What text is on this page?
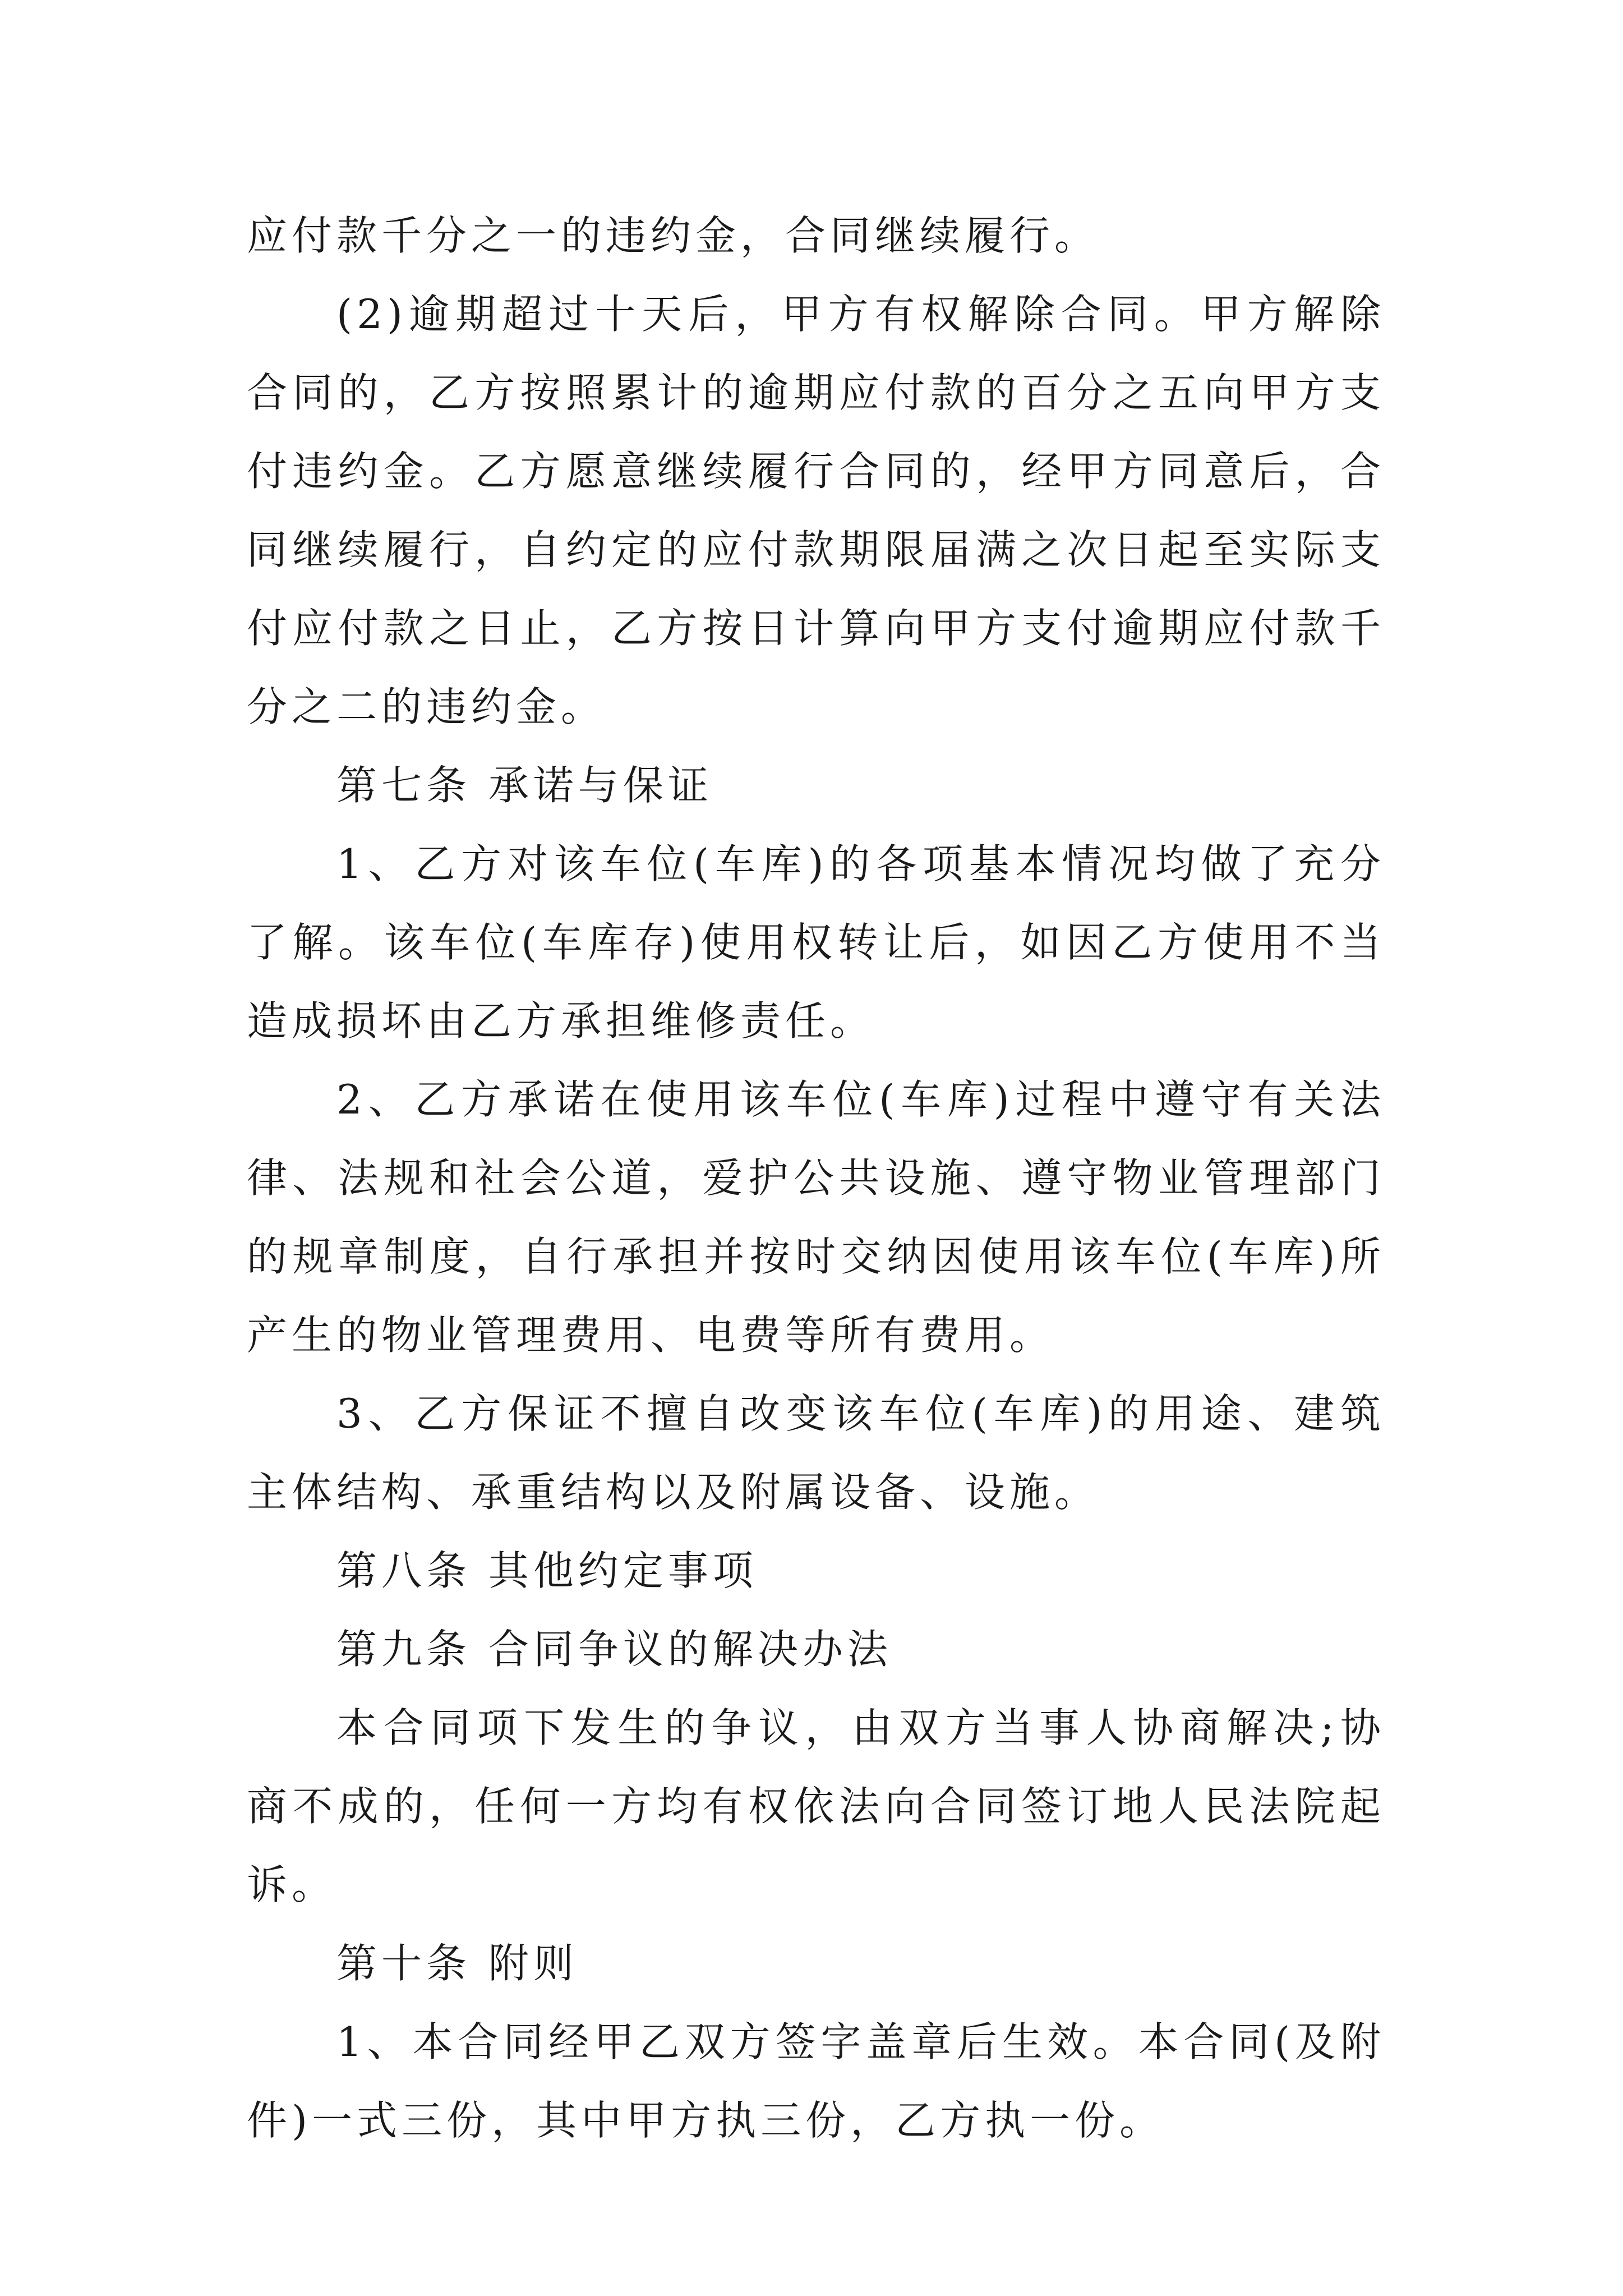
应付款千分之一的违约金，合同继续履行。

(2)逾期超过十天后，甲方有权解除合同。甲方解除合同的，乙方按照累计的逾期应付款的百分之五向甲方支付违约金。乙方愿意继续履行合同的，经甲方同意后，合同继续履行，自约定的应付款期限届满之次日起至实际支付应付款之日止，乙方按日计算向甲方支付逾期应付款千分之二的违约金。

第七条 承诺与保证

1、乙方对该车位(车库)的各项基本情况均做了充分了解。该车位(车库存)使用权转让后，如因乙方使用不当造成损坏由乙方承担维修责任。

2、乙方承诺在使用该车位(车库)过程中遵守有关法律、法规和社会公道，爱护公共设施、遵守物业管理部门的规章制度，自行承担并按时交纳因使用该车位(车库)所产生的物业管理费用、电费等所有费用。

3、乙方保证不擅自改变该车位(车库)的用途、建筑主体结构、承重结构以及附属设备、设施。

第八条 其他约定事项

第九条 合同争议的解决办法

本合同项下发生的争议，由双方当事人协商解决;协商不成的，任何一方均有权依法向合同签订地人民法院起诉。

第十条 附则

1、本合同经甲乙双方签字盖章后生效。本合同(及附件)一式三份，其中甲方执三份，乙方执一份。
